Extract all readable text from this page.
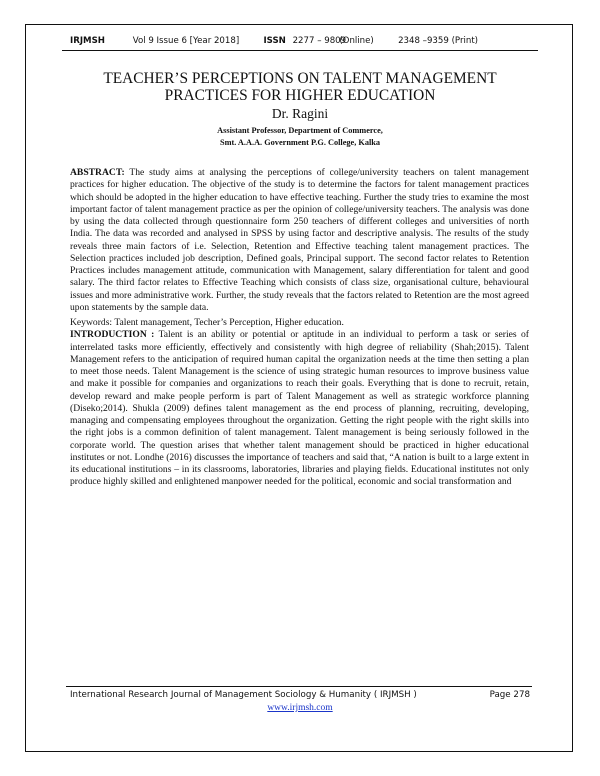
IRJMSH	Vol 9 Issue 6 [Year 2018]	ISSN 2277 – 9809 (Online)	2348 –9359 (Print)
TEACHER’S PERCEPTIONS ON TALENT MANAGEMENT PRACTICES FOR HIGHER EDUCATION
Dr. Ragini
Assistant Professor, Department of Commerce,
Smt. A.A.A. Government P.G. College, Kalka

ABSTRACT: The study aims at analysing the perceptions of college/university teachers on talent management practices for higher education. The objective of the study is to determine the factors for talent management practices which should be adopted in the higher education to have effective teaching. Further the study tries to examine the most important factor of talent management practice as per the opinion of college/university teachers. The analysis was done by using the data collected through questionnaire form 250 teachers of different colleges and universities of north India. The data was recorded and analysed in SPSS by using factor and descriptive analysis. The results of the study reveals three main factors of i.e. Selection, Retention and Effective teaching talent management practices. The Selection practices included job description, Defined goals, Principal support. The second factor relates to Retention Practices includes management attitude, communication with Management, salary differentiation for talent and good salary. The third factor relates to Effective Teaching which consists of class size, organisational culture, behavioural issues and more administrative work. Further, the study reveals that the factors related to Retention are the most agreed upon statements by the sample data.

Keywords: Talent management, Techer’s Perception, Higher education.

INTRODUCTION : Talent is an ability or potential or aptitude in an individual to perform a task or series of interrelated tasks more efficiently, effectively and consistently with high degree of reliability (Shah;2015). Talent Management refers to the anticipation of required human capital the organization needs at the time then setting a plan to meet those needs. Talent Management is the science of using strategic human resources to improve business value and make it possible for companies and organizations to reach their goals. Everything that is done to recruit, retain, develop reward and make people perform is part of Talent Management as well as strategic workforce planning (Diseko;2014). Shukla (2009) defines talent management as the end process of planning, recruiting, developing, managing and compensating employees throughout the organization. Getting the right people with the right skills into the right jobs is a common definition of talent management. Talent management is being seriously followed in the corporate world. The question arises that whether talent management should be practiced in higher educational institutes or not. Londhe (2016) discusses the importance of teachers and said that, “A nation is built to a large extent in its educational institutions – in its classrooms, laboratories, libraries and playing fields. Educational institutes not only produce highly skilled and enlightened manpower needed for the political, economic and social transformation and

International Research Journal of Management Sociology & Humanity ( IRJMSH )	Page 278
www.irjmsh.com
